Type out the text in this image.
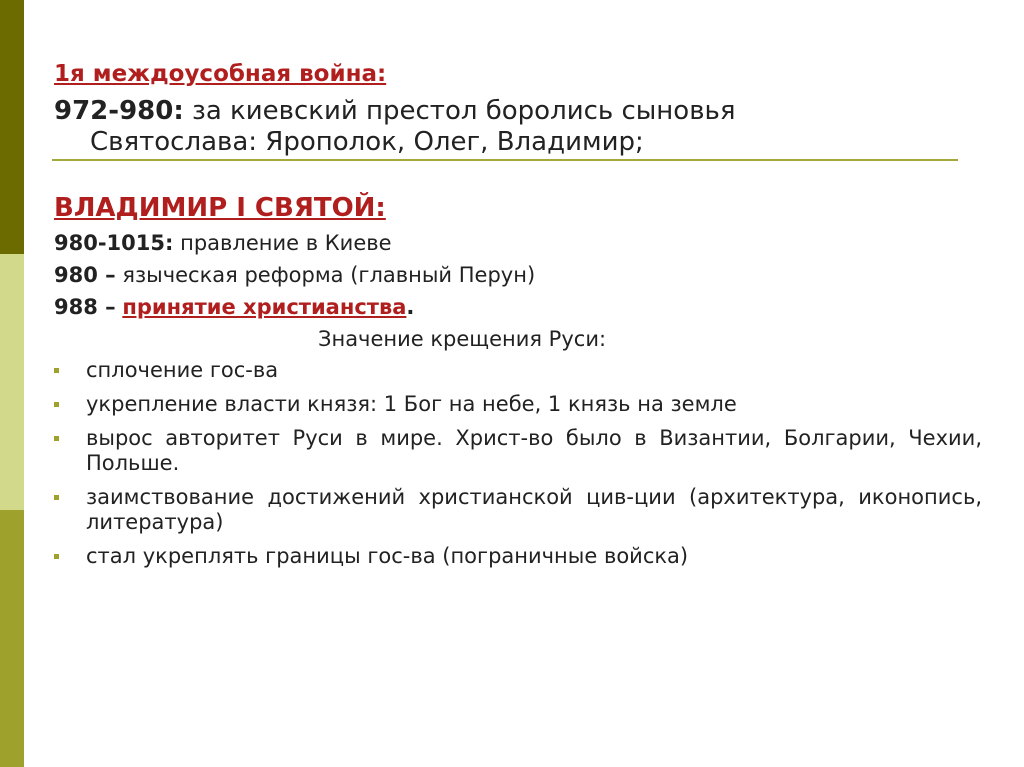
1я междоусобная война:
972-980: за киевский престол боролись сыновья
Святослава: Ярополок, Олег, Владимир;
ВЛАДИМИР I СВЯТОЙ:
980-1015: правление в Киеве
980 – языческая реформа (главный Перун)
988 – принятие христианства.
Значение крещения Руси:
сплочение гос-ва
укрепление власти князя: 1 Бог на небе, 1 князь на земле
вырос авторитет Руси в мире. Христ-во было в Византии, Болгарии, Чехии, Польше.
заимствование достижений христианской цив-ции (архитектура, иконопись, литература)
стал укреплять границы гос-ва (пограничные войска)
